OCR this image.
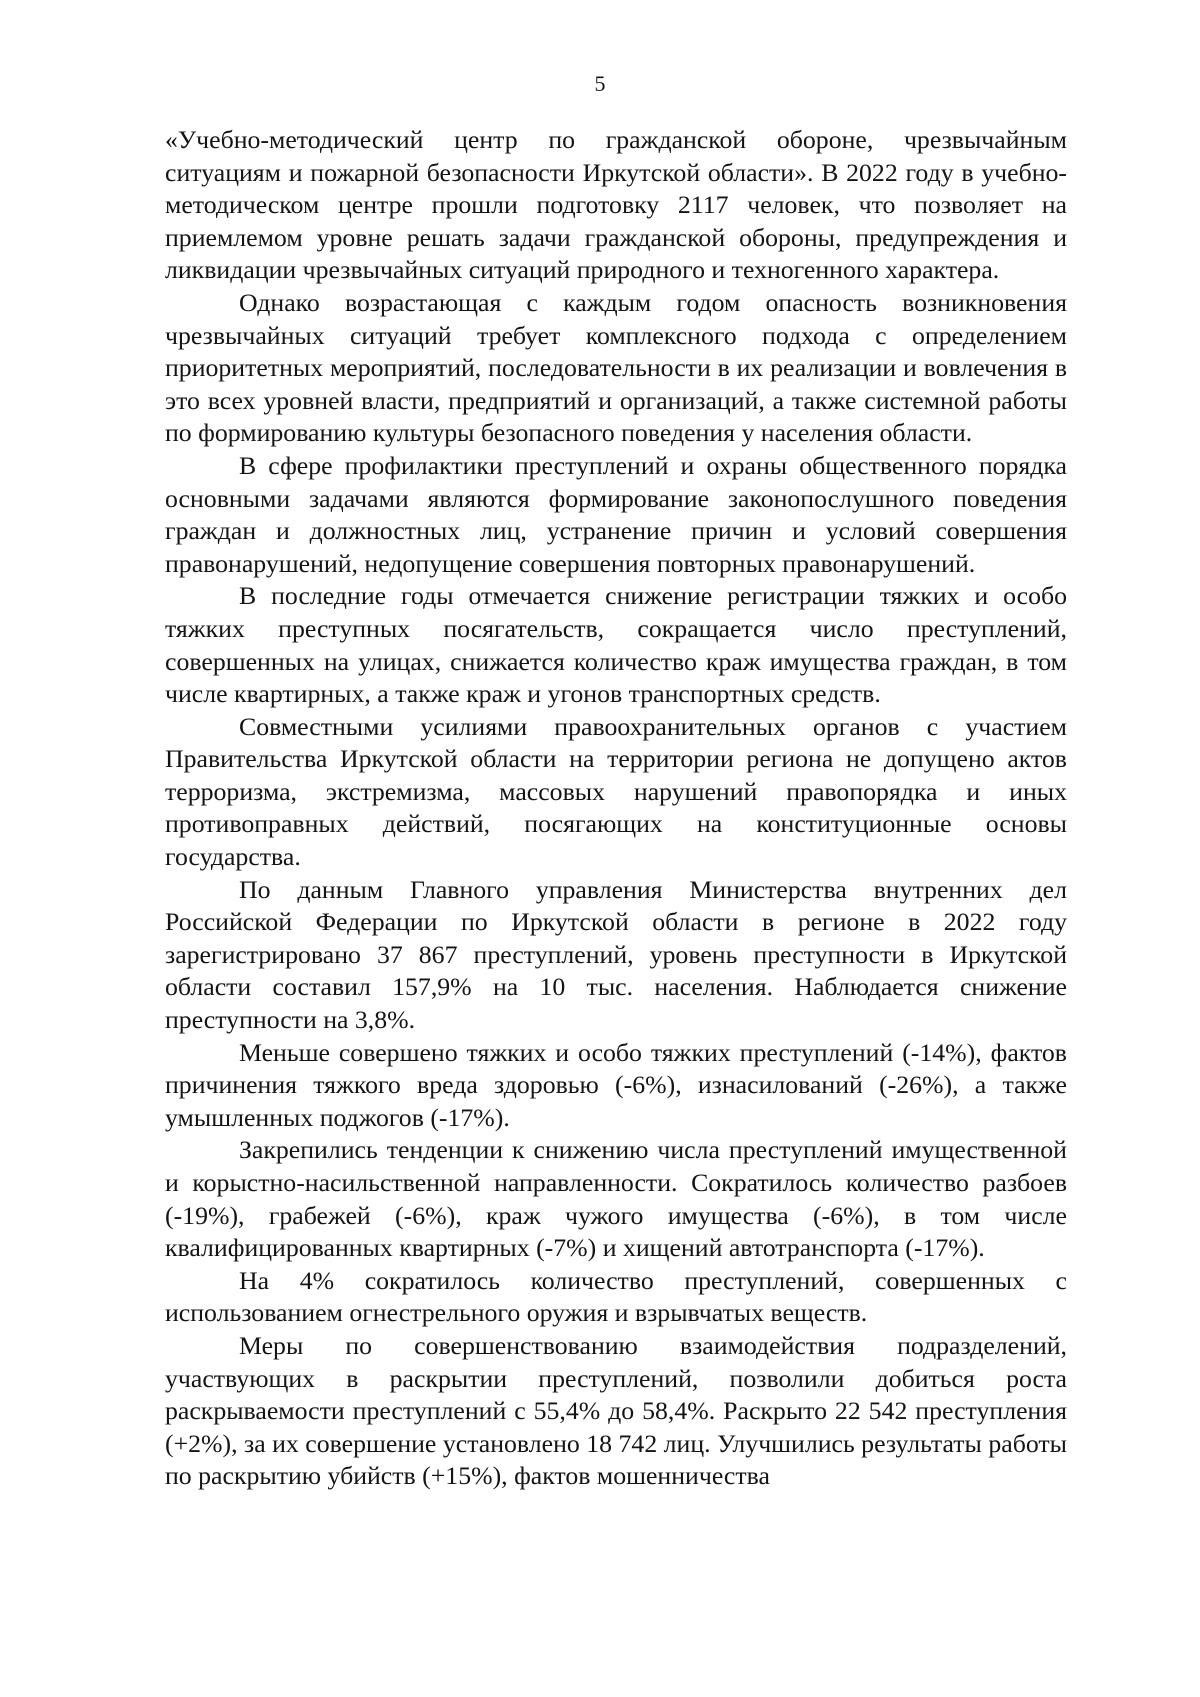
5

«Учебно-методический центр по гражданской обороне, чрезвычайным ситуациям и пожарной безопасности Иркутской области». В 2022 году в учебно-методическом центре прошли подготовку 2117 человек, что позволяет на приемлемом уровне решать задачи гражданской обороны, предупреждения и ликвидации чрезвычайных ситуаций природного и техногенного характера.

Однако возрастающая с каждым годом опасность возникновения чрезвычайных ситуаций требует комплексного подхода с определением приоритетных мероприятий, последовательности в их реализации и вовлечения в это всех уровней власти, предприятий и организаций, а также системной работы по формированию культуры безопасного поведения у населения области.

В сфере профилактики преступлений и охраны общественного порядка основными задачами являются формирование законопослушного поведения граждан и должностных лиц, устранение причин и условий совершения правонарушений, недопущение совершения повторных правонарушений.

В последние годы отмечается снижение регистрации тяжких и особо тяжких преступных посягательств, сокращается число преступлений, совершенных на улицах, снижается количество краж имущества граждан, в том числе квартирных, а также краж и угонов транспортных средств.

Совместными усилиями правоохранительных органов с участием Правительства Иркутской области на территории региона не допущено актов терроризма, экстремизма, массовых нарушений правопорядка и иных противоправных действий, посягающих на конституционные основы государства.

По данным Главного управления Министерства внутренних дел Российской Федерации по Иркутской области в регионе в 2022 году зарегистрировано 37 867 преступлений, уровень преступности в Иркутской области составил 157,9% на 10 тыс. населения. Наблюдается снижение преступности на 3,8%.

Меньше совершено тяжких и особо тяжких преступлений (-14%), фактов причинения тяжкого вреда здоровью (-6%), изнасилований (-26%), а также умышленных поджогов (-17%).

Закрепились тенденции к снижению числа преступлений имущественной и корыстно-насильственной направленности. Сократилось количество разбоев (-19%), грабежей (-6%), краж чужого имущества (-6%), в том числе квалифицированных квартирных (-7%) и хищений автотранспорта (-17%).

На 4% сократилось количество преступлений, совершенных с использованием огнестрельного оружия и взрывчатых веществ.

Меры по совершенствованию взаимодействия подразделений, участвующих в раскрытии преступлений, позволили добиться роста раскрываемости преступлений с 55,4% до 58,4%. Раскрыто 22 542 преступления (+2%), за их совершение установлено 18 742 лиц. Улучшились результаты работы по раскрытию убийств (+15%), фактов мошенничества
